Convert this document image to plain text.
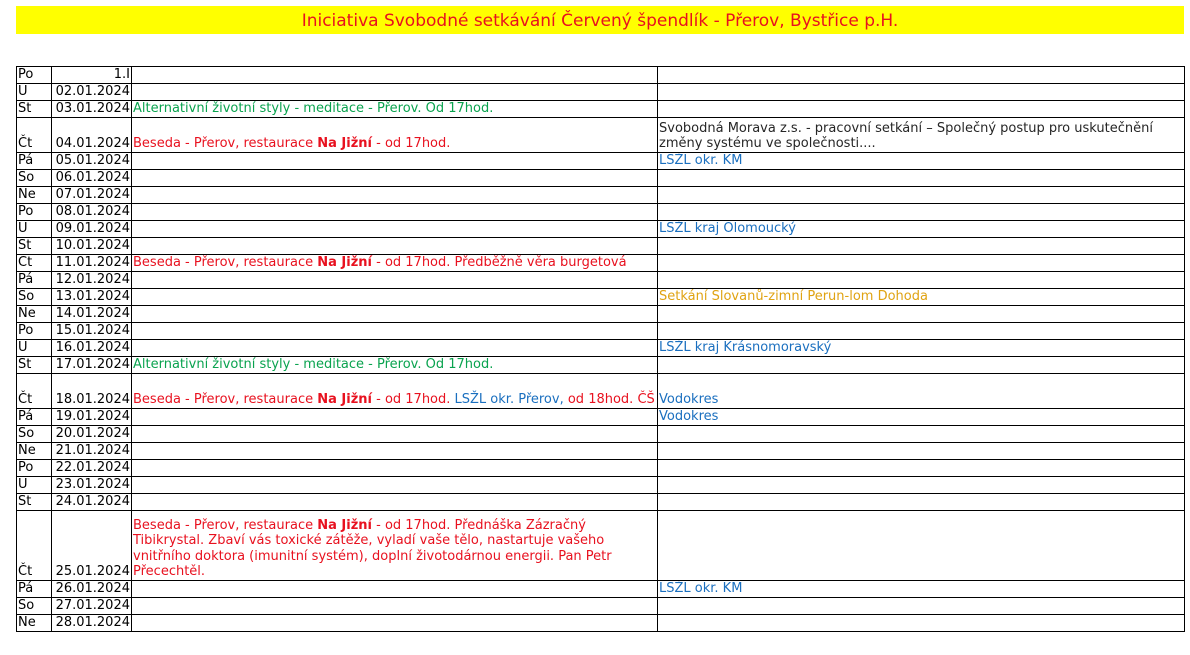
Iniciativa Svobodné setkávání Červený špendlík - Přerov, Bystřice p.H.
Po	1.I		
Ú	02.01.2024		
St	03.01.2024	Alternativní životní styly - meditace - Přerov. Od 17hod.	
Čt	04.01.2024	Beseda - Přerov, restaurace Na Jižní - od 17hod.	Svobodná Morava z.s. - pracovní setkání – Společný postup pro uskutečnění změny systému ve společnosti....
Pá	05.01.2024		LSŽL okr. KM
So	06.01.2024		
Ne	07.01.2024		
Po	08.01.2024		
Ú	09.01.2024		LSŽL kraj Olomoucký
St	10.01.2024		
Čt	11.01.2024	Beseda - Přerov, restaurace Na Jižní - od 17hod. Předběžně věra burgetová	
Pá	12.01.2024		
So	13.01.2024		Setkání Slovanů-zimní Perun-lom Dohoda
Ne	14.01.2024		
Po	15.01.2024		
Ú	16.01.2024		LSŽL kraj Krásnomoravský
St	17.01.2024	Alternativní životní styly - meditace - Přerov. Od 17hod.	
Čt	18.01.2024	Beseda - Přerov, restaurace Na Jižní - od 17hod. LSŽL okr. Přerov, od 18hod. ČŠ	Vodokres
Pá	19.01.2024		Vodokres
So	20.01.2024		
Ne	21.01.2024		
Po	22.01.2024		
Ú	23.01.2024		
St	24.01.2024		
Čt	25.01.2024	Beseda - Přerov, restaurace Na Jižní - od 17hod. Přednáška Zázračný Tibikrystal. Zbaví vás toxické zátěže, vyladí vaše tělo, nastartuje vašeho vnitřního doktora (imunitní systém), doplní životodárnou energii. Pan Petr Přecechtěl.	
Pá	26.01.2024		LSŽL okr. KM
So	27.01.2024		
Ne	28.01.2024		
